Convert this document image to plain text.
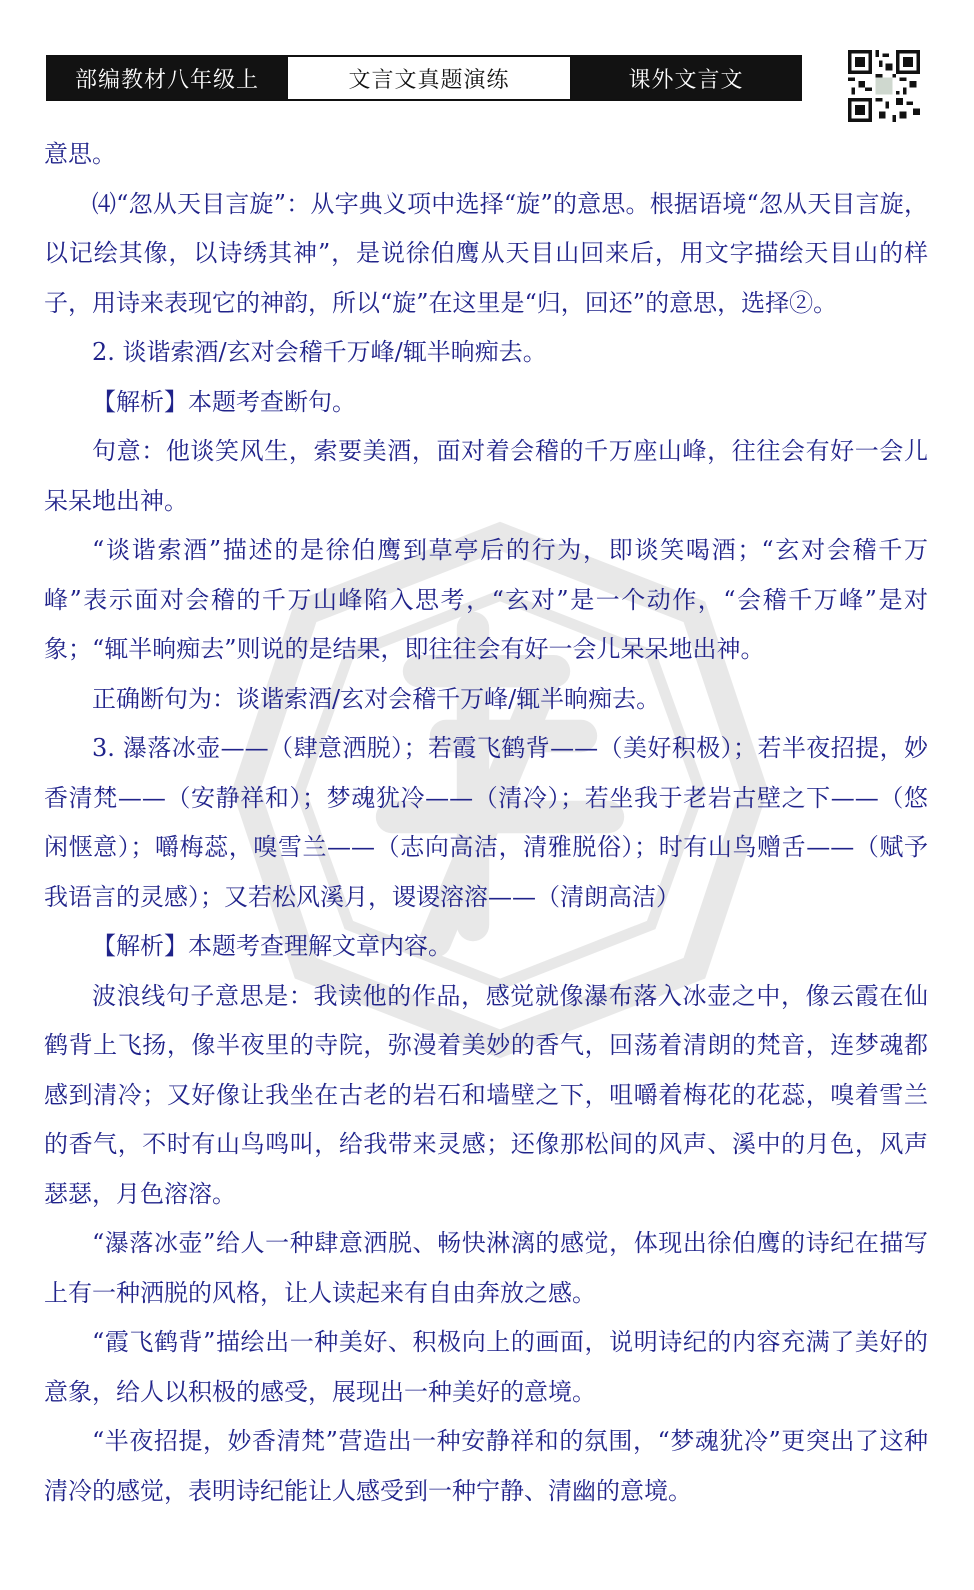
部编教材八年级上	文言文真题演练	课外文言文

意思。

⑷“忽从天目言旋”：从字典义项中选择“旋”的意思。根据语境“忽从天目言旋，以记绘其像，以诗绣其神”，是说徐伯鹰从天目山回来后，用文字描绘天目山的样子，用诗来表现它的神韵，所以“旋”在这里是“归，回还”的意思，选择②。

2. 谈谐索酒/玄对会稽千万峰/辄半晌痴去。

【解析】本题考查断句。

句意：他谈笑风生，索要美酒，面对着会稽的千万座山峰，往往会有好一会儿呆呆地出神。

“谈谐索酒”描述的是徐伯鹰到草亭后的行为，即谈笑喝酒；“玄对会稽千万峰”表示面对会稽的千万山峰陷入思考，“玄对”是一个动作，“会稽千万峰”是对象；“辄半晌痴去”则说的是结果，即往往会有好一会儿呆呆地出神。

正确断句为：谈谐索酒/玄对会稽千万峰/辄半晌痴去。

3. 瀑落冰壶——（肆意洒脱）；若霞飞鹤背——（美好积极）；若半夜招提，妙香清梵——（安静祥和）；梦魂犹冷——（清冷）；若坐我于老岩古壁之下——（悠闲惬意）；嚼梅蕊，嗅雪兰——（志向高洁，清雅脱俗）；时有山鸟赠舌——（赋予我语言的灵感）；又若松风溪月，谡谡溶溶——（清朗高洁）

【解析】本题考查理解文章内容。

波浪线句子意思是：我读他的作品，感觉就像瀑布落入冰壶之中，像云霞在仙鹤背上飞扬，像半夜里的寺院，弥漫着美妙的香气，回荡着清朗的梵音，连梦魂都感到清冷；又好像让我坐在古老的岩石和墙壁之下，咀嚼着梅花的花蕊，嗅着雪兰的香气，不时有山鸟鸣叫，给我带来灵感；还像那松间的风声、溪中的月色，风声瑟瑟，月色溶溶。

“瀑落冰壶”给人一种肆意洒脱、畅快淋漓的感觉，体现出徐伯鹰的诗纪在描写上有一种洒脱的风格，让人读起来有自由奔放之感。

“霞飞鹤背”描绘出一种美好、积极向上的画面，说明诗纪的内容充满了美好的意象，给人以积极的感受，展现出一种美好的意境。

“半夜招提，妙香清梵”营造出一种安静祥和的氛围，“梦魂犹冷”更突出了这种清冷的感觉，表明诗纪能让人感受到一种宁静、清幽的意境。
